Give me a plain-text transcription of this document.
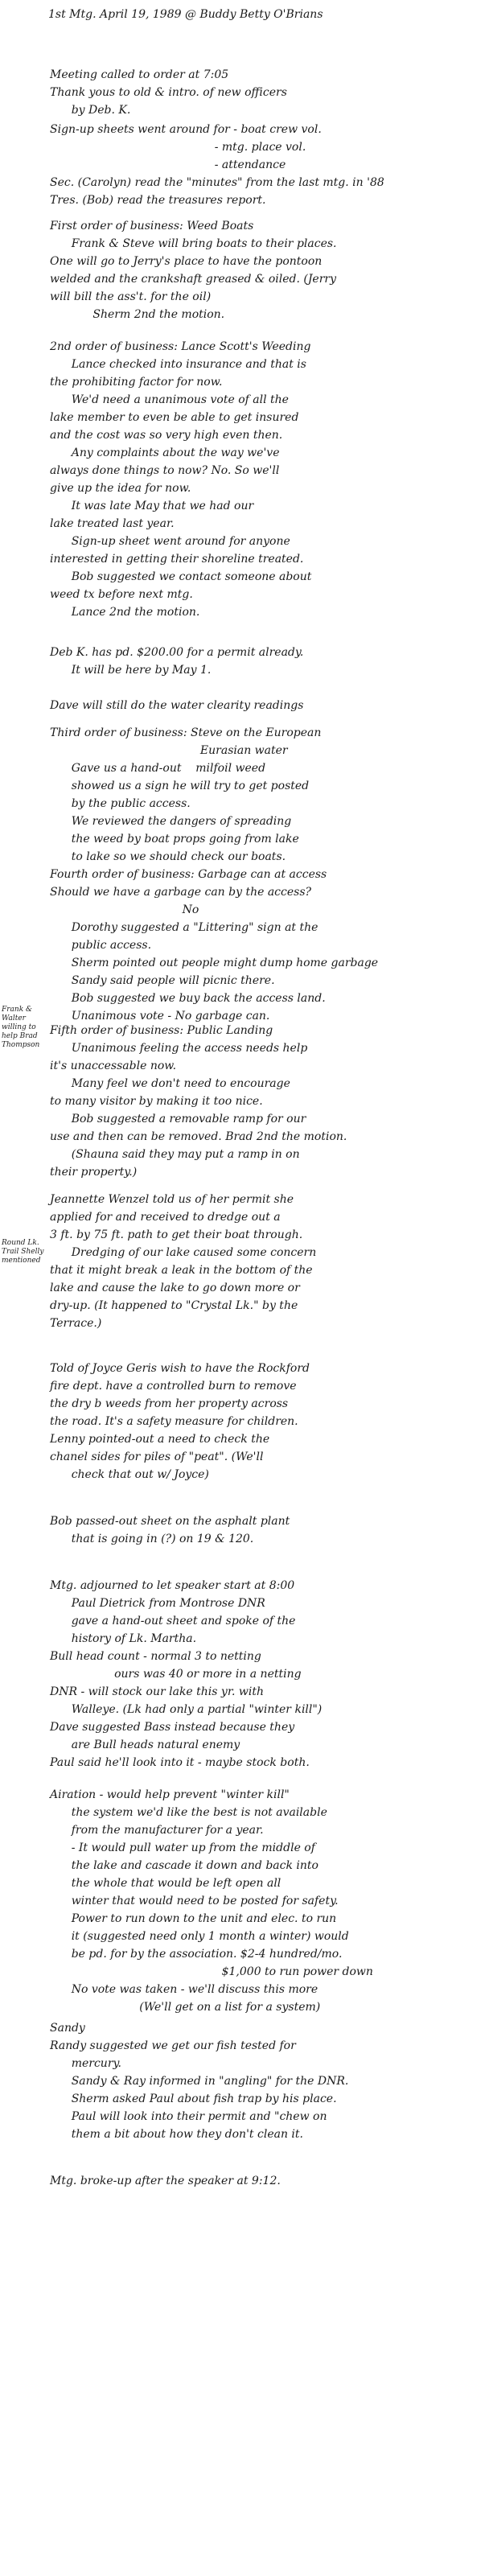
1st Mtg. April 19, 1989 @ Buddy Betty O'Brians
Meeting called to order at 7:05
Thank yous to old & intro. of new officers
by Deb. K.
Sign-up sheets went around for - boat crew vol.
- mtg. place vol.
- attendance
Sec. (Carolyn) read the "minutes" from the last mtg. in '88
Tres. (Bob) read the treasures report.
First order of business: Weed Boats
Frank & Steve will bring boats to their places.
One will go to Jerry's place to have the pontoon
welded and the crankshaft greased & oiled. (Jerry
will bill the ass't. for the oil)
Sherm 2nd the motion.
2nd order of business: Lance Scott's Weeding
Lance checked into insurance and that is
the prohibiting factor for now.
We'd need a unanimous vote of all the
lake member to even be able to get insured
and the cost was so very high even then.
Any complaints about the way we've
always done things to now? No. So we'll
give up the idea for now.
It was late May that we had our
lake treated last year.
Sign-up sheet went around for anyone
interested in getting their shoreline treated.
Bob suggested we contact someone about
weed tx before next mtg.
Lance 2nd the motion.
Deb K. has pd. $200.00 for a permit already.
It will be here by May 1.

Dave will still do the water clearity readings
Third order of business: Steve on the European
Eurasian water
Gave us a hand-out    milfoil weed
showed us a sign he will try to get posted
by the public access.
We reviewed the dangers of spreading
the weed by boat props going from lake
to lake so we should check our boats.
Fourth order of business: Garbage can at access
Should we have a garbage can by the access?
No
Dorothy suggested a "Littering" sign at the
public access.
Sherm pointed out people might dump home garbage
Sandy said people will picnic there.
Bob suggested we buy back the access land.
Unanimous vote - No garbage can.
Fifth order of business: Public Landing
Unanimous feeling the access needs help
it's unaccessable now.
Many feel we don't need to encourage
to many visitor by making it too nice.
Bob suggested a removable ramp for our
use and then can be removed. Brad 2nd the motion.
(Shauna said they may put a ramp in on
their property.)
Jeannette Wenzel told us of her permit she
applied for and received to dredge out a
3 ft. by 75 ft. path to get their boat through.
Dredging of our lake caused some concern
that it might break a leak in the bottom of the
lake and cause the lake to go down more or
dry-up. (It happened to "Crystal Lk." by the
Terrace.)
Told of Joyce Geris wish to have the Rockford
fire dept. have a controlled burn to remove
the dry b weeds from her property across
the road. It's a safety measure for children.
Lenny pointed-out a need to check the
chanel sides for piles of "peat". (We'll
check that out w/ Joyce)
Bob passed-out sheet on the asphalt plant
that is going in (?) on 19 & 120.
Mtg. adjourned to let speaker start at 8:00
Paul Dietrick from Montrose DNR
gave a hand-out sheet and spoke of the
history of Lk. Martha.
Bull head count - normal 3 to netting
ours was 40 or more in a netting
DNR - will stock our lake this yr. with
Walleye. (Lk had only a partial "winter kill")
Dave suggested Bass instead because they
are Bull heads natural enemy
Paul said he'll look into it - maybe stock both.
Airation - would help prevent "winter kill"
the system we'd like the best is not available
from the manufacturer for a year.
- It would pull water up from the middle of
the lake and cascade it down and back into
the whole that would be left open all
winter that would need to be posted for safety.
Power to run down to the unit and elec. to run
it (suggested need only 1 month a winter) would
be pd. for by the association. $2-4 hundred/mo.
$1,000 to run power down
No vote was taken - we'll discuss this more
(We'll get on a list for a system)
Sandy
Randy suggested we get our fish tested for
mercury.
Sandy & Ray informed in "angling" for the DNR.
Sherm asked Paul about fish trap by his place.
Paul will look into their permit and "chew on
them a bit about how they don't clean it.
Mtg. broke-up after the speaker at 9:12.
Frank & Walter willing to help Brad Thompson
Round Lk. Trail Shelly mentioned
